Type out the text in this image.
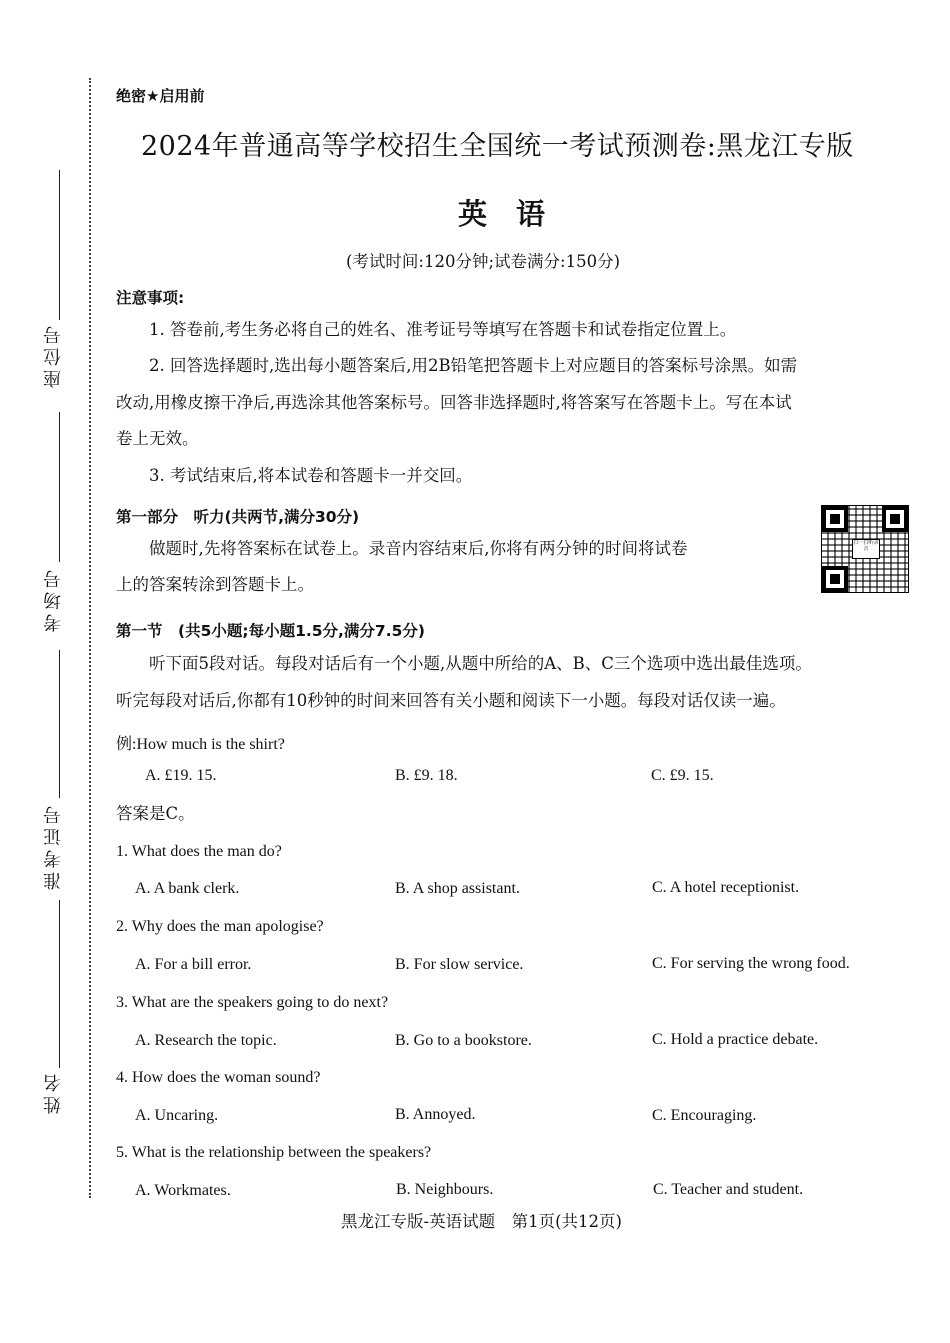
座位号
考场号
准考证号
姓名
绝密★启用前
2024年普通高等学校招生全国统一考试预测卷:黑龙江专版
英　语
(考试时间:120分钟;试卷满分:150分)
注意事项:
1. 答卷前,考生务必将自己的姓名、准考证号等填写在答题卡和试卷指定位置上。
2. 回答选择题时,选出每小题答案后,用2B铅笔把答题卡上对应题目的答案标号涂黑。如需
改动,用橡皮擦干净后,再选涂其他答案标号。回答非选择题时,将答案写在答题卡上。写在本试
卷上无效。
3. 考试结束后,将本试卷和答题卡一并交回。
第一部分　听力(共两节,满分30分)
做题时,先将答案标在试卷上。录音内容结束后,你将有两分钟的时间将试卷
上的答案转涂到答题卡上。
扫一扫听录音
第一节　(共5小题;每小题1.5分,满分7.5分)
听下面5段对话。每段对话后有一个小题,从题中所给的A、B、C三个选项中选出最佳选项。
听完每段对话后,你都有10秒钟的时间来回答有关小题和阅读下一小题。每段对话仅读一遍。
例:How much is the shirt?
A. £19. 15.	B. £9. 18.	C. £9. 15.
答案是C。
1. What does the man do?
A. A bank clerk.	B. A shop assistant.	C. A hotel receptionist.
2. Why does the man apologise?
A. For a bill error.	B. For slow service.	C. For serving the wrong food.
3. What are the speakers going to do next?
A. Research the topic.	B. Go to a bookstore.	C. Hold a practice debate.
4. How does the woman sound?
A. Uncaring.	B. Annoyed.	C. Encouraging.
5. What is the relationship between the speakers?
A. Workmates.	B. Neighbours.	C. Teacher and student.
黑龙江专版-英语试题　第1页(共12页)
